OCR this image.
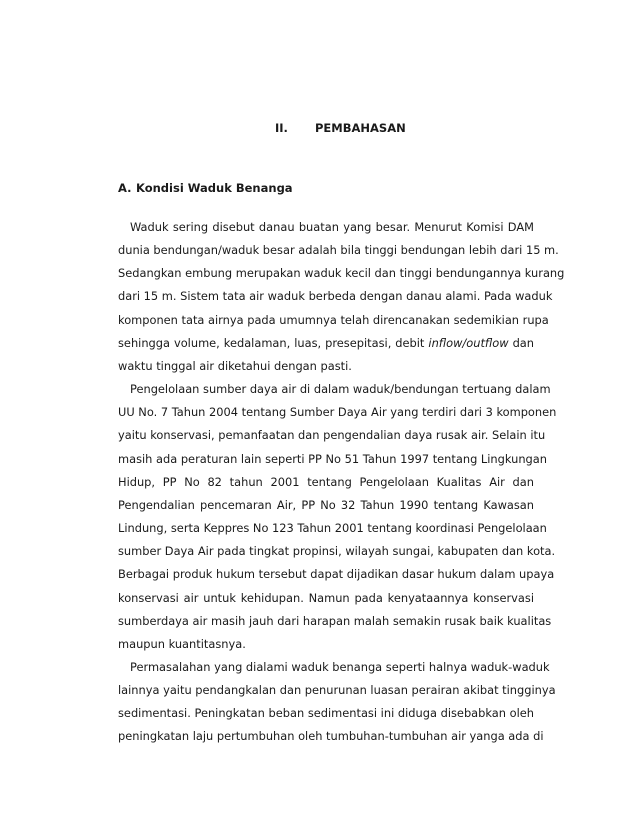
II. PEMBAHASAN
A. Kondisi Waduk Benanga

Waduk sering disebut danau buatan yang besar. Menurut Komisi DAM
dunia bendungan/waduk besar adalah bila tinggi bendungan lebih dari 15 m.
Sedangkan embung merupakan waduk kecil dan tinggi bendungannya kurang
dari 15 m. Sistem tata air waduk berbeda dengan danau alami. Pada waduk
komponen tata airnya pada umumnya telah direncanakan sedemikian rupa
sehingga volume, kedalaman, luas, presepitasi, debit inflow/outflow dan
waktu tinggal air diketahui dengan pasti.

Pengelolaan sumber daya air di dalam waduk/bendungan tertuang dalam
UU No. 7 Tahun 2004 tentang Sumber Daya Air yang terdiri dari 3 komponen
yaitu konservasi, pemanfaatan dan pengendalian daya rusak air. Selain itu
masih ada peraturan lain seperti PP No 51 Tahun 1997 tentang Lingkungan
Hidup, PP No 82 tahun 2001 tentang Pengelolaan Kualitas Air dan
Pengendalian pencemaran Air, PP No 32 Tahun 1990 tentang Kawasan
Lindung, serta Keppres No 123 Tahun 2001 tentang koordinasi Pengelolaan
sumber Daya Air pada tingkat propinsi, wilayah sungai, kabupaten dan kota.
Berbagai produk hukum tersebut dapat dijadikan dasar hukum dalam upaya
konservasi air untuk kehidupan. Namun pada kenyataannya konservasi
sumberdaya air masih jauh dari harapan malah semakin rusak baik kualitas
maupun kuantitasnya.

Permasalahan yang dialami waduk benanga seperti halnya waduk-waduk
lainnya yaitu pendangkalan dan penurunan luasan perairan akibat tingginya
sedimentasi. Peningkatan beban sedimentasi ini diduga disebabkan oleh
peningkatan laju pertumbuhan oleh tumbuhan-tumbuhan air yanga ada di
